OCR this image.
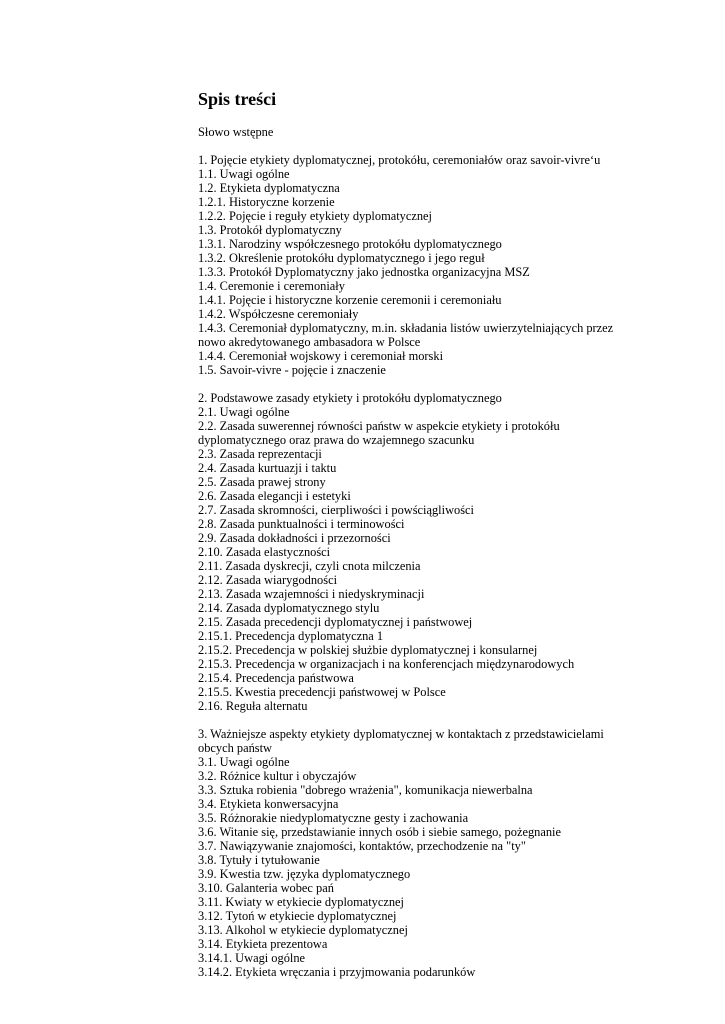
Spis treści
Słowo wstępne
1. Pojęcie etykiety dyplomatycznej, protokółu, ceremoniałów oraz savoir-vivre‘u
1.1. Uwagi ogólne
1.2. Etykieta dyplomatyczna
1.2.1. Historyczne korzenie
1.2.2. Pojęcie i reguły etykiety dyplomatycznej
1.3. Protokół dyplomatyczny
1.3.1. Narodziny współczesnego protokółu dyplomatycznego
1.3.2. Określenie protokółu dyplomatycznego i jego reguł
1.3.3. Protokół Dyplomatyczny jako jednostka organizacyjna MSZ
1.4. Ceremonie i ceremoniały
1.4.1. Pojęcie i historyczne korzenie ceremonii i ceremoniału
1.4.2. Współczesne ceremoniały
1.4.3. Ceremoniał dyplomatyczny, m.in. składania listów uwierzytelniających przez
nowo akredytowanego ambasadora w Polsce
1.4.4. Ceremoniał wojskowy i ceremoniał morski
1.5. Savoir-vivre - pojęcie i znaczenie
2. Podstawowe zasady etykiety i protokółu dyplomatycznego
2.1. Uwagi ogólne
2.2. Zasada suwerennej równości państw w aspekcie etykiety i protokółu
dyplomatycznego oraz prawa do wzajemnego szacunku
2.3. Zasada reprezentacji
2.4. Zasada kurtuazji i taktu
2.5. Zasada prawej strony
2.6. Zasada elegancji i estetyki
2.7. Zasada skromności, cierpliwości i powściągliwości
2.8. Zasada punktualności i terminowości
2.9. Zasada dokładności i przezorności
2.10. Zasada elastyczności
2.11. Zasada dyskrecji, czyli cnota milczenia
2.12. Zasada wiarygodności
2.13. Zasada wzajemności i niedyskryminacji
2.14. Zasada dyplomatycznego stylu
2.15. Zasada precedencji dyplomatycznej i państwowej
2.15.1. Precedencja dyplomatyczna 1
2.15.2. Precedencja w polskiej służbie dyplomatycznej i konsularnej
2.15.3. Precedencja w organizacjach i na konferencjach międzynarodowych
2.15.4. Precedencja państwowa
2.15.5. Kwestia precedencji państwowej w Polsce
2.16. Reguła alternatu
3. Ważniejsze aspekty etykiety dyplomatycznej w kontaktach z przedstawicielami
obcych państw
3.1. Uwagi ogólne
3.2. Różnice kultur i obyczajów
3.3. Sztuka robienia "dobrego wrażenia", komunikacja niewerbalna
3.4. Etykieta konwersacyjna
3.5. Różnorakie niedyplomatyczne gesty i zachowania
3.6. Witanie się, przedstawianie innych osób i siebie samego, pożegnanie
3.7. Nawiązywanie znajomości, kontaktów, przechodzenie na "ty"
3.8. Tytuły i tytułowanie
3.9. Kwestia tzw. języka dyplomatycznego
3.10. Galanteria wobec pań
3.11. Kwiaty w etykiecie dyplomatycznej
3.12. Tytoń w etykiecie dyplomatycznej
3.13. Alkohol w etykiecie dyplomatycznej
3.14. Etykieta prezentowa
3.14.1. Uwagi ogólne
3.14.2. Etykieta wręczania i przyjmowania podarunków
